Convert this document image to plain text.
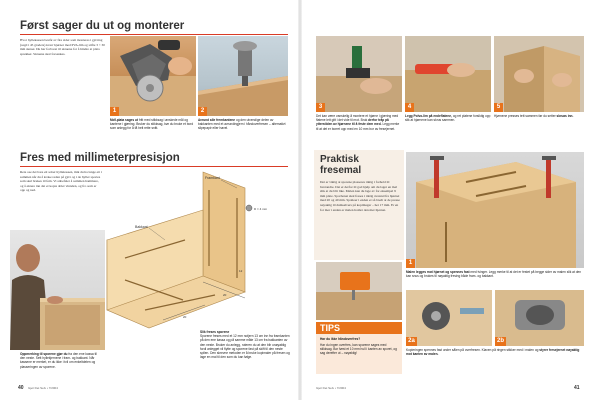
Først sager du ut og monterer
Hvor hyllekassen består av fire sider som monteres i gjæring (sagd i 45 graders) kverr hjørner med PVA-lim og stifte 3 × 30 mm skruer. Du har forboret til skruene for å hindre at plata sprekker. Skruene skal forsenkes.
1	2
Mdf-plata sages ut fritt med stikksag i ønskede mål og kantene i gjæring. Bruker du stikksag, bør du bruke et bord som anlegg for å få helt rette snitt.
Avrund alle fremkantene og den utvendige delen av bakkanten med et avrundingjern i håndoverfresen – alternativt slipepapir eller høvel.
Fres med millimeterpresisjon
Rete ose det bare ett sober hyllekassen, mik du ha lange ett i sammen når du å kroke reden på gjær og i de hyller sportes som skal brukes til fem. Vi anbefaler å sammen hammere, og å ekrere inn det er kopte abler vinnden, og fro som er opp og ned.
Oppmerking til sporene gjør du fra den ene kassa til den neste. Sett hyllekjernene i fram- og bakkant. Når kassene er merket, er du ikke i tvil om enkeltdelen og plasseringen av sporene.
Framkant
Bakkant
D = 4 mm
20
20
12
Slik freses sporene
Sporene freses med et 12 mm notjern 13 cm inn fra framkanten på den ene kassa og på samme måte 13 cm fra bakkanten av den neste. Bruker du anlegg, ruteren du at den blir unøyaktig fordi anlegget vil flytte og sporene fast på skift til den neste spilen. Den skrevne metoden er å bruke kopimaler på fresen og lage en mal til den som du kan følge.
40 Gjør Det Selv • 7/2004
3	4	5
Det kan være vanskelig å montere et hjørne i gjæring med flatene lett gitt i det vide til mot. Bruk derfor tråp på ytterstiden av hjørnene til å feste dem med. Legg merke til at det er borret opp med en 10 mm bor av fresejernet.
Legg Polvo-lim på endeflatene, og ret platene forsiktig opp slik at hjørnene kan skrus sammen.
Hjørnene presses tett sammen før du setter skruas inn.
Praktisk fresemal
Det er viktig at sporene plasseres riktig i forhold til hverandre. Det er derfor til god hjelp om du lager en mal slik at du blir like. Malen kan du lage av for eksempel 9 mm plate. Sporbenet skal freses i riktig avstand fra hjørnet med 20 og 40 mm. Spalteer i enden er så bredt at de presse nøyaktig til dumselvers på kopimager – her 17 mm. Er en for mer i enden er malen holder den mer hjørnet.
1
Malen legges mot hjørnet og spennes fast med tvinger. Legg merke til at det er festet på begge sider av malen slik at den kan snus og brukes til nøyaktig fresing både fram- og bakkant.
TIPS
Har du ikke håndoverfres?
Har du ingen overfres, kan sporene sages med stikksag. Bor først et 10 mm hull i kanten av sporet, og sag derefter ut – nøyaktig!
2a	2b
Kopieringen spennes fast under sålen på overfresen. Klaven på ringen stikker med i malen og styrer fresejernet nøyaktig mot kanten av malen.
Gjør Det Selv • 7/2004	41
